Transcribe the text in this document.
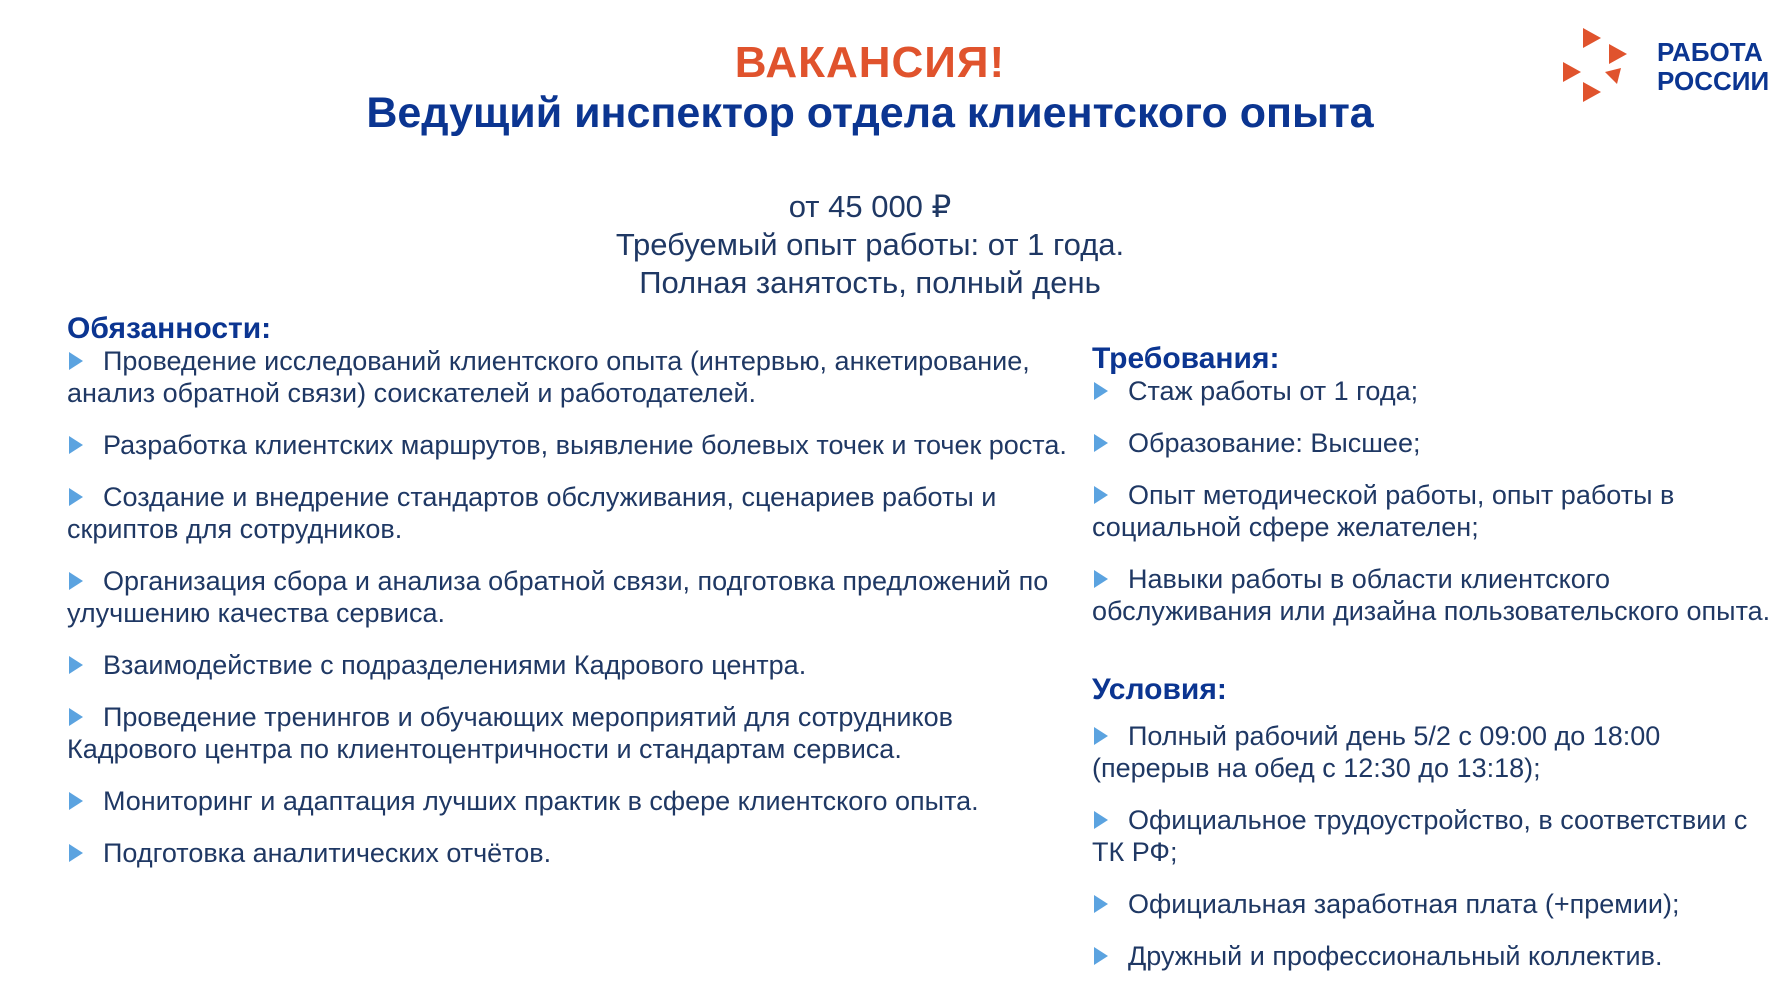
ВАКАНСИЯ!
Ведущий инспектор отдела клиентского опыта
РАБОТА
РОССИИ
от 45 000 ₽
Требуемый опыт работы: от 1 года.
Полная занятость, полный день
Обязанности:
Проведение исследований клиентского опыта (интервью, анкетирование, анализ обратной связи) соискателей и работодателей.
Разработка клиентских маршрутов, выявление болевых точек и точек роста.
Создание и внедрение стандартов обслуживания, сценариев работы и скриптов для сотрудников.
Организация сбора и анализа обратной связи, подготовка предложений по улучшению качества сервиса.
Взаимодействие с подразделениями Кадрового центра.
Проведение тренингов и обучающих мероприятий для сотрудников Кадрового центра по клиентоцентричности и стандартам сервиса.
Мониторинг и адаптация лучших практик в сфере клиентского опыта.
Подготовка аналитических отчётов.
Требования:
Стаж работы от 1 года;
Образование: Высшее;
Опыт методической работы, опыт работы в социальной сфере желателен;
Навыки работы в области клиентского обслуживания или дизайна пользовательского опыта.
Условия:
Полный рабочий день 5/2 с 09:00 до 18:00 (перерыв на обед с 12:30 до 13:18);
Официальное трудоустройство, в соответствии с ТК РФ;
Официальная заработная плата (+премии);
Дружный и профессиональный коллектив.
